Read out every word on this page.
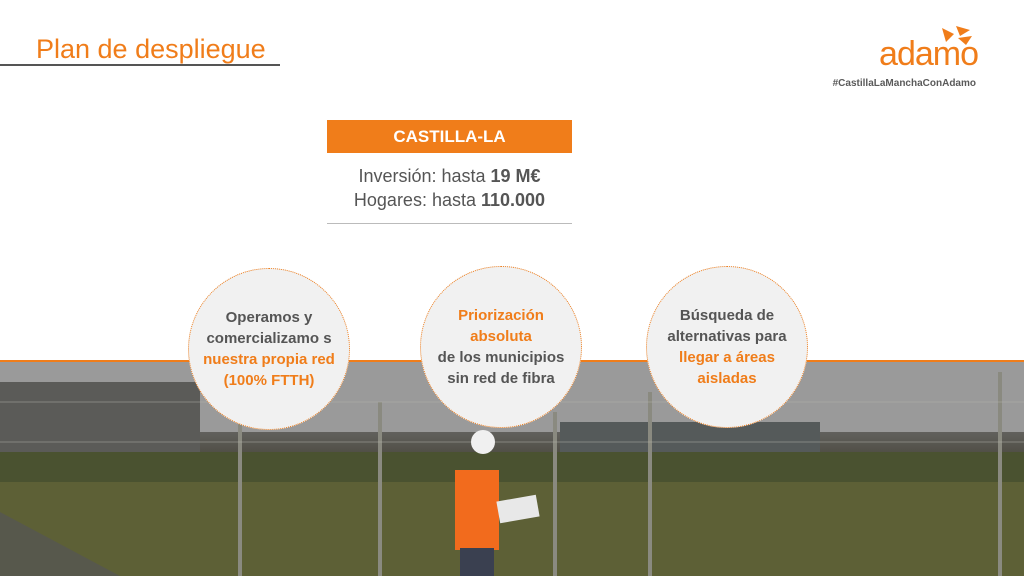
Plan de despliegue	adamo
#CastillaLaManchaConAdamo
CASTILLA-LA
Inversión: hasta 19 M€
Hogares: hasta 110.000
Operamos y comercializamo s nuestra propia red (100% FTTH)
Priorización absoluta
de los municipios sin red de fibra
Búsqueda de alternativas para llegar a áreas aisladas
